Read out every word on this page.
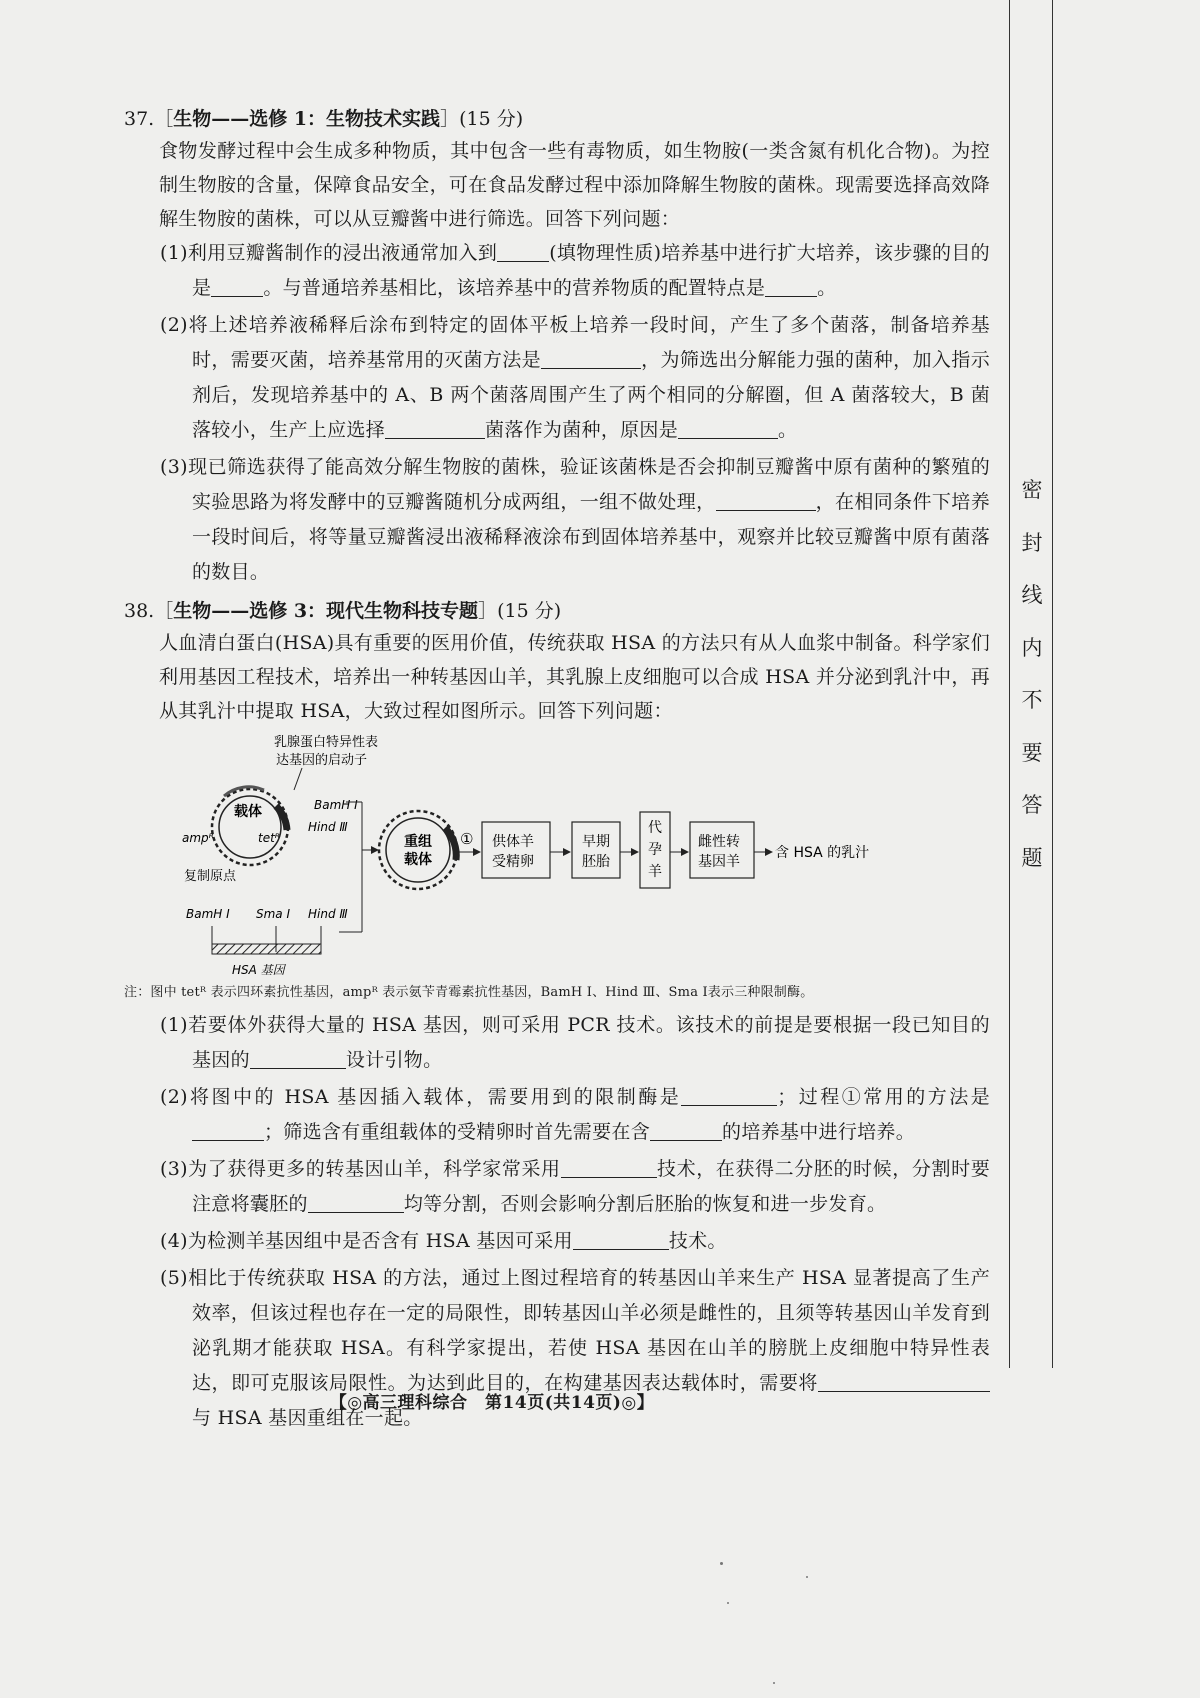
密
封
线
内
不
要
答
题
37.［生物——选修 1：生物技术实践］(15 分)
食物发酵过程中会生成多种物质，其中包含一些有毒物质，如生物胺(一类含氮有机化合物)。为控制生物胺的含量，保障食品安全，可在食品发酵过程中添加降解生物胺的菌株。现需要选择高效降解生物胺的菌株，可以从豆瓣酱中进行筛选。回答下列问题：
(1)利用豆瓣酱制作的浸出液通常加入到	(填物理性质)培养基中进行扩大培养，该步骤的目的是	。与普通培养基相比，该培养基中的营养物质的配置特点是	。
(2)将上述培养液稀释后涂布到特定的固体平板上培养一段时间，产生了多个菌落，制备培养基时，需要灭菌，培养基常用的灭菌方法是	，为筛选出分解能力强的菌种，加入指示剂后，发现培养基中的 A、B 两个菌落周围产生了两个相同的分解圈，但 A 菌落较大，B 菌落较小，生产上应选择	菌落作为菌种，原因是	。
(3)现已筛选获得了能高效分解生物胺的菌株，验证该菌株是否会抑制豆瓣酱中原有菌种的繁殖的实验思路为将发酵中的豆瓣酱随机分成两组，一组不做处理，	，在相同条件下培养一段时间后，将等量豆瓣酱浸出液稀释液涂布到固体培养基中，观察并比较豆瓣酱中原有菌落的数目。
38.［生物——选修 3：现代生物科技专题］(15 分)
人血清白蛋白(HSA)具有重要的医用价值，传统获取 HSA 的方法只有从人血浆中制备。科学家们利用基因工程技术，培养出一种转基因山羊，其乳腺上皮细胞可以合成 HSA 并分泌到乳汁中，再从其乳汁中提取 HSA，大致过程如图所示。回答下列问题：
乳腺蛋白特异性表
达基因的启动子
载体
tetᴿ
ampᴿ
复制原点
BamH Ⅰ
Hind Ⅲ
BamH Ⅰ Sma Ⅰ Hind Ⅲ
HSA 基因
重组
载体
① 供体羊
受精卵
早期
胚胎
代
孕
羊
雌性转
基因羊
含 HSA 的乳汁
注：图中 tetᴿ 表示四环素抗性基因，ampᴿ 表示氨苄青霉素抗性基因，BamH Ⅰ、Hind Ⅲ、Sma Ⅰ表示三种限制酶。
(1)若要体外获得大量的 HSA 基因，则可采用 PCR 技术。该技术的前提是要根据一段已知目的基因的	设计引物。
(2)将图中的 HSA 基因插入载体，需要用到的限制酶是	；过程①常用的方法是；筛选含有重组载体的受精卵时首先需要在含	的培养基中进行培养。
(3)为了获得更多的转基因山羊，科学家常采用	技术，在获得二分胚的时候，分割时要注意将囊胚的	均等分割，否则会影响分割后胚胎的恢复和进一步发育。
(4)为检测羊基因组中是否含有 HSA 基因可采用	技术。
(5)相比于传统获取 HSA 的方法，通过上图过程培育的转基因山羊来生产 HSA 显著提高了生产效率，但该过程也存在一定的局限性，即转基因山羊必须是雌性的，且须等转基因山羊发育到泌乳期才能获取 HSA。有科学家提出，若使 HSA 基因在山羊的膀胱上皮细胞中特异性表达，即可克服该局限性。为达到此目的，在构建基因表达载体时，需要将与 HSA 基因重组在一起。
【◎高三理科综合　第14页(共14页)◎】
